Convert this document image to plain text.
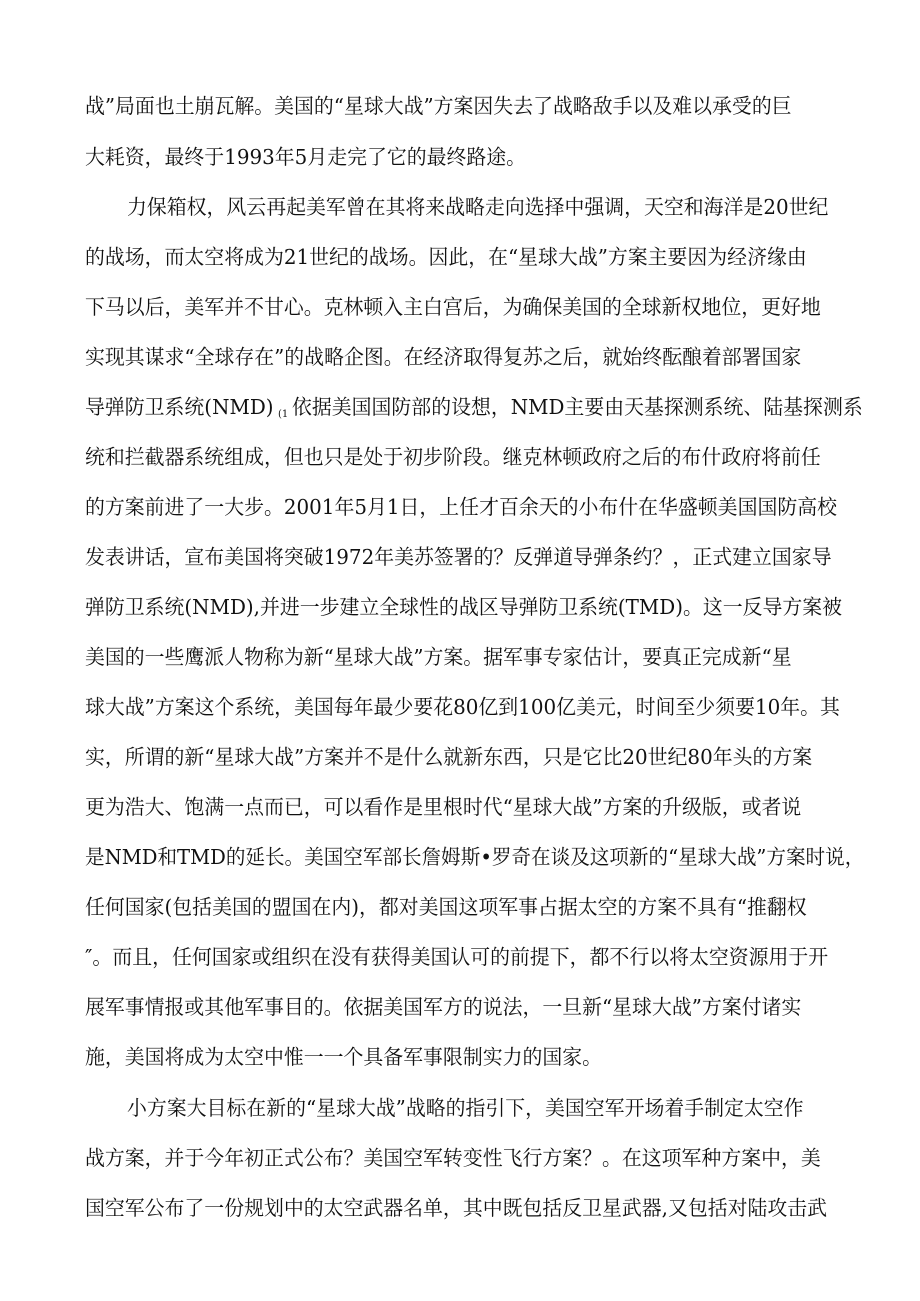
战”局面也土崩瓦解。美国的“星球大战”方案因失去了战略敌手以及难以承受的巨
大耗资，最终于1993年5月走完了它的最终路途。
力保箱权，风云再起美军曾在其将来战略走向选择中强调，天空和海洋是20世纪
的战场，而太空将成为21世纪的战场。因此，在“星球大战”方案主要因为经济缘由
下马以后，美军并不甘心。克林顿入主白宫后，为确保美国的全球新权地位，更好地
实现其谋求“全球存在”的战略企图。在经济取得复苏之后，就始终酝酿着部署国家
导弹防卫系统(NMD) (1 依据美国国防部的设想，NMD主要由天基探测系统、陆基探测系
统和拦截器系统组成，但也只是处于初步阶段。继克林顿政府之后的布什政府将前任
的方案前进了一大步。2001年5月1日，上任才百余天的小布什在华盛顿美国国防高校
发表讲话，宣布美国将突破1972年美苏签署的？反弹道导弹条约？，正式建立国家导
弹防卫系统(NMD),并进一步建立全球性的战区导弹防卫系统(TMD)。这一反导方案被
美国的一些鹰派人物称为新“星球大战”方案。据军事专家估计，要真正完成新“星
球大战”方案这个系统，美国每年最少要花80亿到100亿美元，时间至少须要10年。其
实，所谓的新“星球大战”方案并不是什么就新东西，只是它比20世纪80年头的方案
更为浩大、饱满一点而已，可以看作是里根时代“星球大战”方案的升级版，或者说
是NMD和TMD的延长。美国空军部长詹姆斯•罗奇在谈及这项新的“星球大战”方案时说，
任何国家(包括美国的盟国在内)，都对美国这项军事占据太空的方案不具有“推翻权
″。而且，任何国家或组织在没有获得美国认可的前提下，都不行以将太空资源用于开
展军事情报或其他军事目的。依据美国军方的说法，一旦新“星球大战”方案付诸实
施，美国将成为太空中惟一一个具备军事限制实力的国家。
小方案大目标在新的“星球大战”战略的指引下，美国空军开场着手制定太空作
战方案，并于今年初正式公布？美国空军转变性飞行方案？。在这项军种方案中，美
国空军公布了一份规划中的太空武器名单，其中既包括反卫星武器,又包括对陆攻击武
